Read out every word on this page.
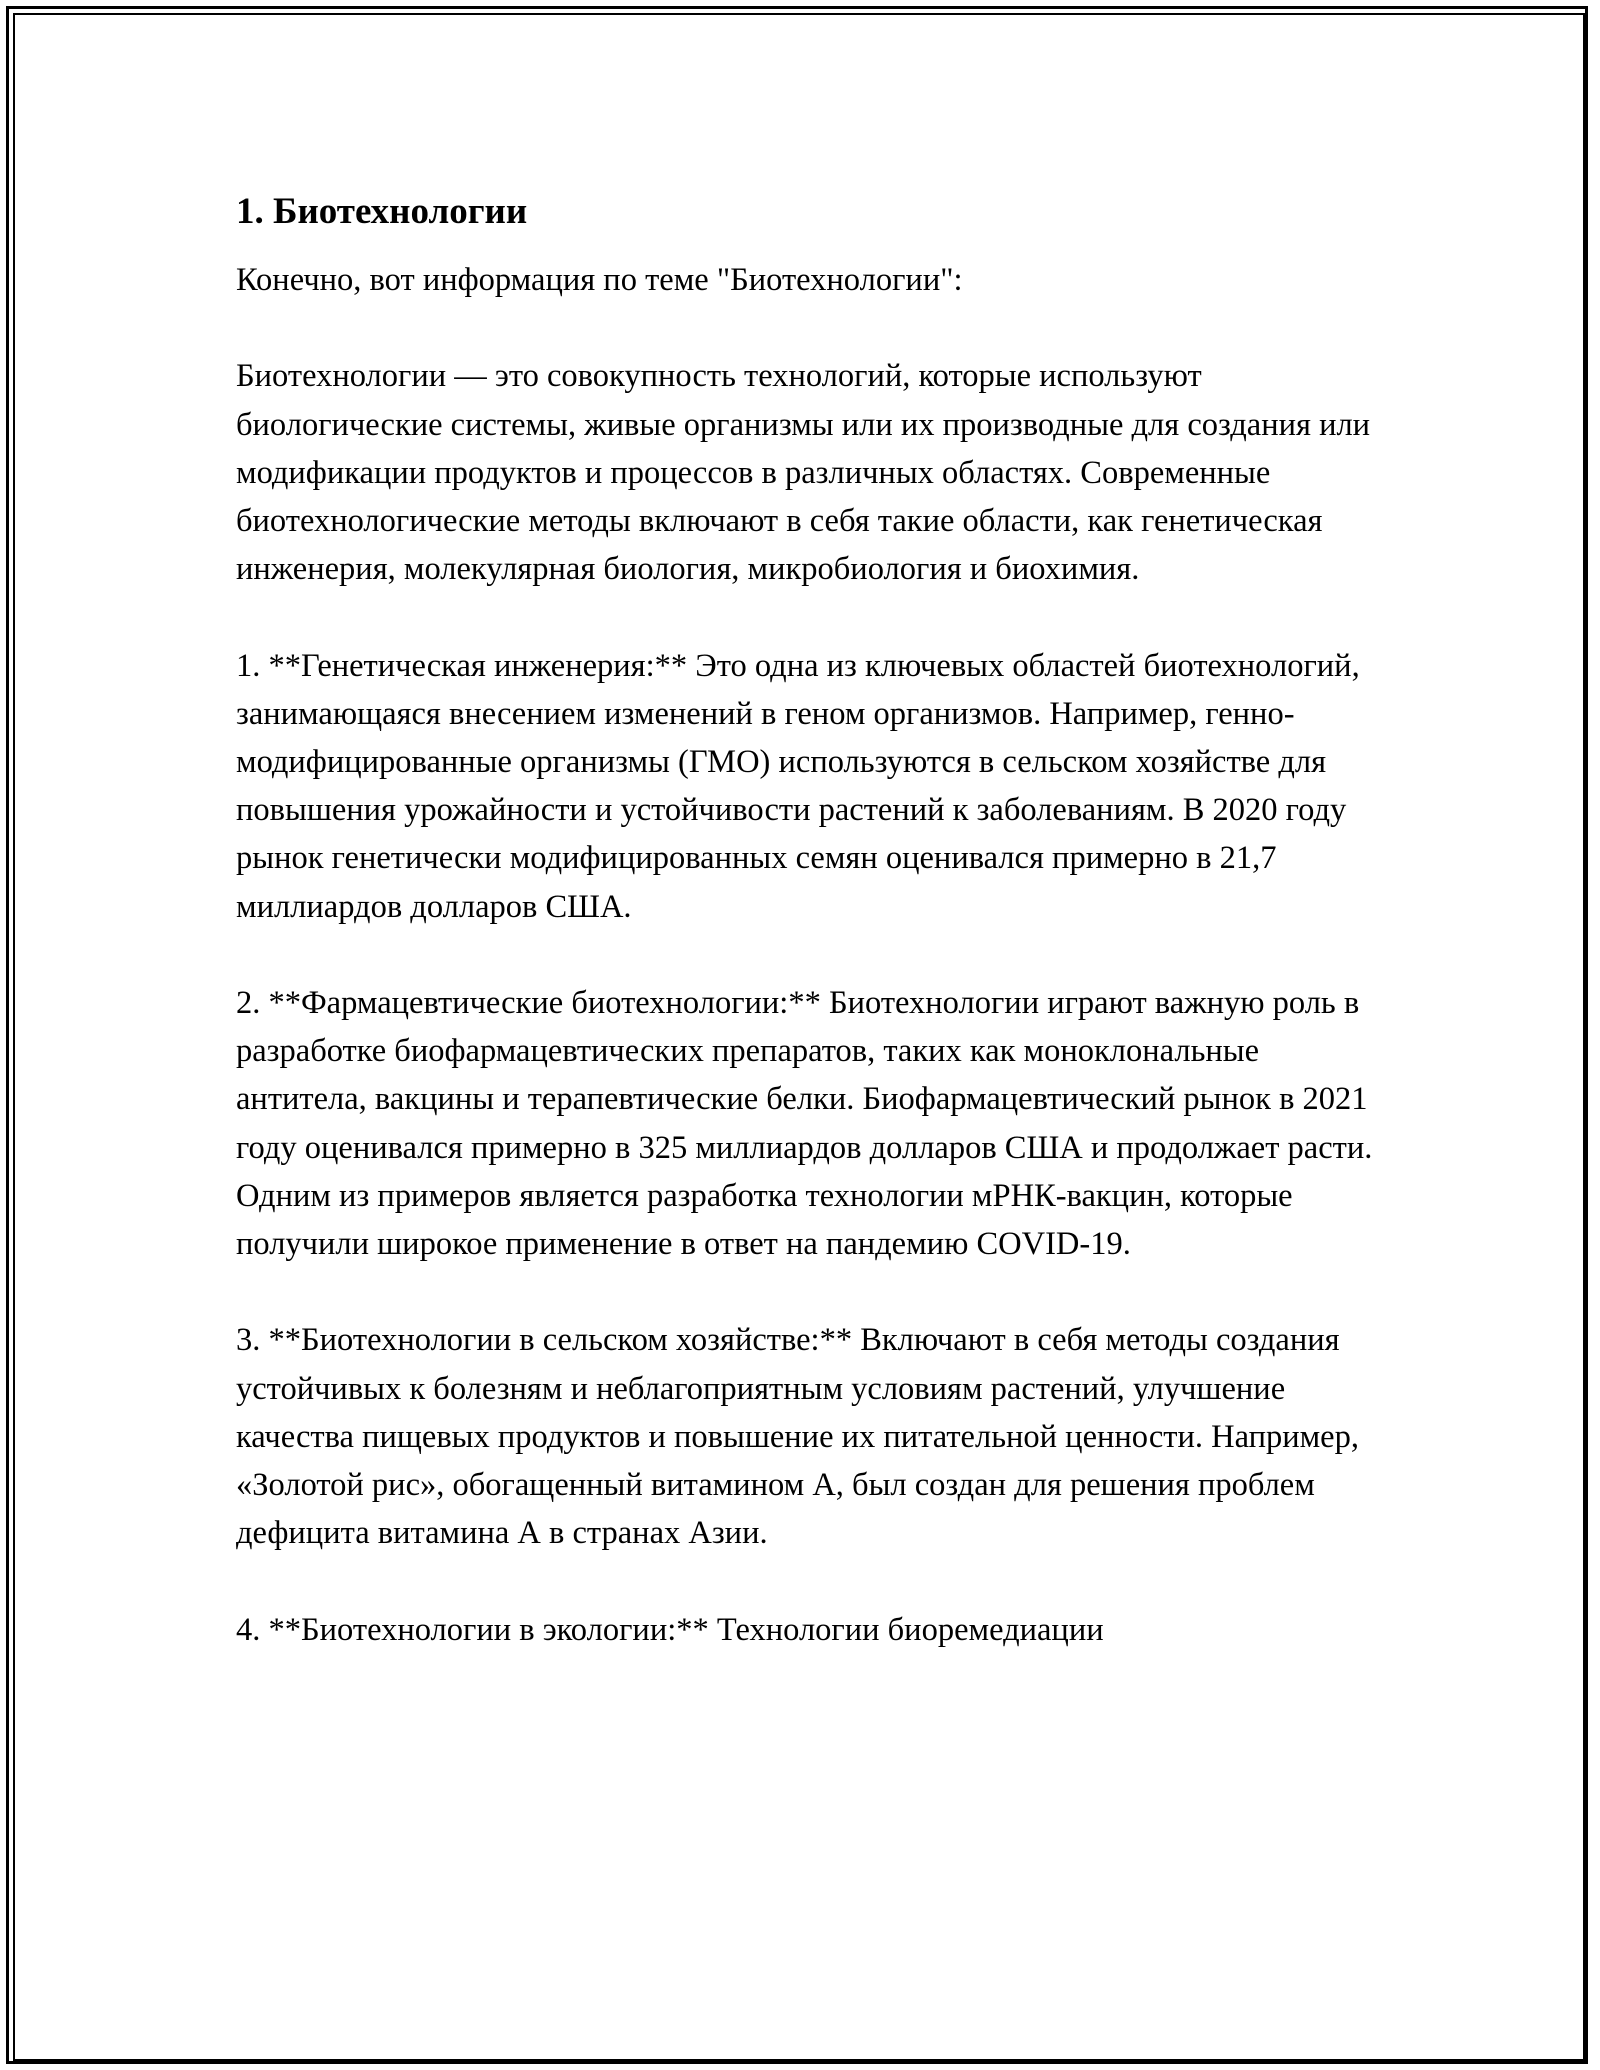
1. Биотехнологии

Конечно, вот информация по теме "Биотехнологии":

Биотехнологии — это совокупность технологий, которые используют биологические системы, живые организмы или их производные для создания или модификации продуктов и процессов в различных областях. Современные биотехнологические методы включают в себя такие области, как генетическая инженерия, молекулярная биология, микробиология и биохимия.

1. **Генетическая инженерия:** Это одна из ключевых областей биотехнологий, занимающаяся внесением изменений в геном организмов. Например, генно-модифицированные организмы (ГМО) используются в сельском хозяйстве для повышения урожайности и устойчивости растений к заболеваниям. В 2020 году рынок генетически модифицированных семян оценивался примерно в 21,7 миллиардов долларов США.

2. **Фармацевтические биотехнологии:** Биотехнологии играют важную роль в разработке биофармацевтических препаратов, таких как моноклональные антитела, вакцины и терапевтические белки. Биофармацевтический рынок в 2021 году оценивался примерно в 325 миллиардов долларов США и продолжает расти. Одним из примеров является разработка технологии мРНК-вакцин, которые получили широкое применение в ответ на пандемию COVID-19.

3. **Биотехнологии в сельском хозяйстве:** Включают в себя методы создания устойчивых к болезням и неблагоприятным условиям растений, улучшение качества пищевых продуктов и повышение их питательной ценности. Например, «Золотой рис», обогащенный витамином А, был создан для решения проблем дефицита витамина А в странах Азии.

4. **Биотехнологии в экологии:** Технологии биоремедиации
